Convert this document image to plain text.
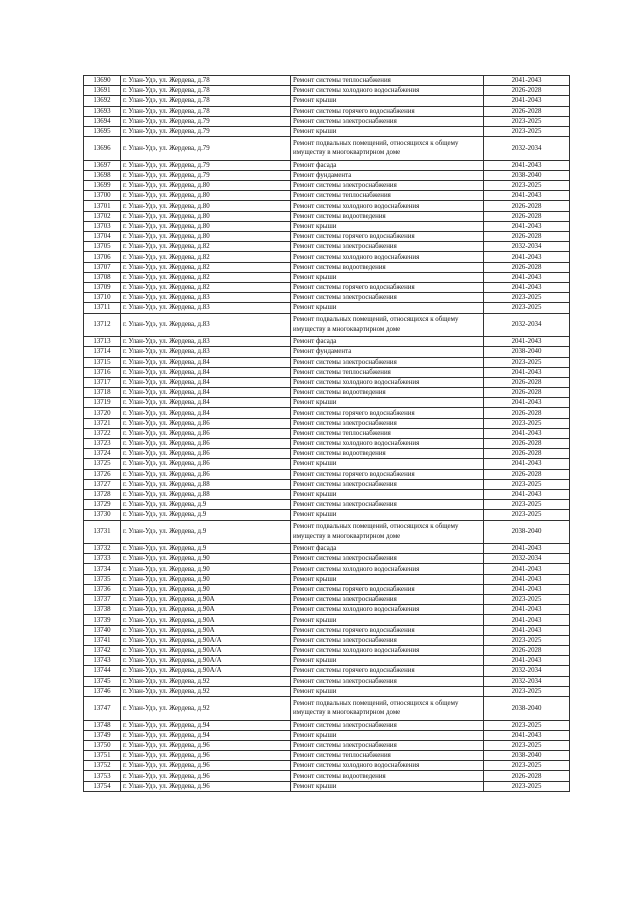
13690	г. Улан-Удэ, ул. Жердева, д.78	Ремонт системы теплоснабжения	2041-2043
13691	г. Улан-Удэ, ул. Жердева, д.78	Ремонт системы холодного водоснабжения	2026-2028
13692	г. Улан-Удэ, ул. Жердева, д.78	Ремонт крыши	2041-2043
13693	г. Улан-Удэ, ул. Жердева, д.78	Ремонт системы горячего водоснабжения	2026-2028
13694	г. Улан-Удэ, ул. Жердева, д.79	Ремонт системы электроснабжения	2023-2025
13695	г. Улан-Удэ, ул. Жердева, д.79	Ремонт крыши	2023-2025
13696	г. Улан-Удэ, ул. Жердева, д.79	Ремонт подвальных помещений, относящихся к общему имуществу в многоквартирном доме	2032-2034
13697	г. Улан-Удэ, ул. Жердева, д.79	Ремонт фасада	2041-2043
13698	г. Улан-Удэ, ул. Жердева, д.79	Ремонт фундамента	2038-2040
13699	г. Улан-Удэ, ул. Жердева, д.80	Ремонт системы электроснабжения	2023-2025
13700	г. Улан-Удэ, ул. Жердева, д.80	Ремонт системы теплоснабжения	2041-2043
13701	г. Улан-Удэ, ул. Жердева, д.80	Ремонт системы холодного водоснабжения	2026-2028
13702	г. Улан-Удэ, ул. Жердева, д.80	Ремонт системы водоотведения	2026-2028
13703	г. Улан-Удэ, ул. Жердева, д.80	Ремонт крыши	2041-2043
13704	г. Улан-Удэ, ул. Жердева, д.80	Ремонт системы горячего водоснабжения	2026-2028
13705	г. Улан-Удэ, ул. Жердева, д.82	Ремонт системы электроснабжения	2032-2034
13706	г. Улан-Удэ, ул. Жердева, д.82	Ремонт системы холодного водоснабжения	2041-2043
13707	г. Улан-Удэ, ул. Жердева, д.82	Ремонт системы водоотведения	2026-2028
13708	г. Улан-Удэ, ул. Жердева, д.82	Ремонт крыши	2041-2043
13709	г. Улан-Удэ, ул. Жердева, д.82	Ремонт системы горячего водоснабжения	2041-2043
13710	г. Улан-Удэ, ул. Жердева, д.83	Ремонт системы электроснабжения	2023-2025
13711	г. Улан-Удэ, ул. Жердева, д.83	Ремонт крыши	2023-2025
13712	г. Улан-Удэ, ул. Жердева, д.83	Ремонт подвальных помещений, относящихся к общему имуществу в многоквартирном доме	2032-2034
13713	г. Улан-Удэ, ул. Жердева, д.83	Ремонт фасада	2041-2043
13714	г. Улан-Удэ, ул. Жердева, д.83	Ремонт фундамента	2038-2040
13715	г. Улан-Удэ, ул. Жердева, д.84	Ремонт системы электроснабжения	2023-2025
13716	г. Улан-Удэ, ул. Жердева, д.84	Ремонт системы теплоснабжения	2041-2043
13717	г. Улан-Удэ, ул. Жердева, д.84	Ремонт системы холодного водоснабжения	2026-2028
13718	г. Улан-Удэ, ул. Жердева, д.84	Ремонт системы водоотведения	2026-2028
13719	г. Улан-Удэ, ул. Жердева, д.84	Ремонт крыши	2041-2043
13720	г. Улан-Удэ, ул. Жердева, д.84	Ремонт системы горячего водоснабжения	2026-2028
13721	г. Улан-Удэ, ул. Жердева, д.86	Ремонт системы электроснабжения	2023-2025
13722	г. Улан-Удэ, ул. Жердева, д.86	Ремонт системы теплоснабжения	2041-2043
13723	г. Улан-Удэ, ул. Жердева, д.86	Ремонт системы холодного водоснабжения	2026-2028
13724	г. Улан-Удэ, ул. Жердева, д.86	Ремонт системы водоотведения	2026-2028
13725	г. Улан-Удэ, ул. Жердева, д.86	Ремонт крыши	2041-2043
13726	г. Улан-Удэ, ул. Жердева, д.86	Ремонт системы горячего водоснабжения	2026-2028
13727	г. Улан-Удэ, ул. Жердева, д.88	Ремонт системы электроснабжения	2023-2025
13728	г. Улан-Удэ, ул. Жердева, д.88	Ремонт крыши	2041-2043
13729	г. Улан-Удэ, ул. Жердева, д.9	Ремонт системы электроснабжения	2023-2025
13730	г. Улан-Удэ, ул. Жердева, д.9	Ремонт крыши	2023-2025
13731	г. Улан-Удэ, ул. Жердева, д.9	Ремонт подвальных помещений, относящихся к общему имуществу в многоквартирном доме	2038-2040
13732	г. Улан-Удэ, ул. Жердева, д.9	Ремонт фасада	2041-2043
13733	г. Улан-Удэ, ул. Жердева, д.90	Ремонт системы электроснабжения	2032-2034
13734	г. Улан-Удэ, ул. Жердева, д.90	Ремонт системы холодного водоснабжения	2041-2043
13735	г. Улан-Удэ, ул. Жердева, д.90	Ремонт крыши	2041-2043
13736	г. Улан-Удэ, ул. Жердева, д.90	Ремонт системы горячего водоснабжения	2041-2043
13737	г. Улан-Удэ, ул. Жердева, д.90А	Ремонт системы электроснабжения	2023-2025
13738	г. Улан-Удэ, ул. Жердева, д.90А	Ремонт системы холодного водоснабжения	2041-2043
13739	г. Улан-Удэ, ул. Жердева, д.90А	Ремонт крыши	2041-2043
13740	г. Улан-Удэ, ул. Жердева, д.90А	Ремонт системы горячего водоснабжения	2041-2043
13741	г. Улан-Удэ, ул. Жердева, д.90А/А	Ремонт системы электроснабжения	2023-2025
13742	г. Улан-Удэ, ул. Жердева, д.90А/А	Ремонт системы холодного водоснабжения	2026-2028
13743	г. Улан-Удэ, ул. Жердева, д.90А/А	Ремонт крыши	2041-2043
13744	г. Улан-Удэ, ул. Жердева, д.90А/А	Ремонт системы горячего водоснабжения	2032-2034
13745	г. Улан-Удэ, ул. Жердева, д.92	Ремонт системы электроснабжения	2032-2034
13746	г. Улан-Удэ, ул. Жердева, д.92	Ремонт крыши	2023-2025
13747	г. Улан-Удэ, ул. Жердева, д.92	Ремонт подвальных помещений, относящихся к общему имуществу в многоквартирном доме	2038-2040
13748	г. Улан-Удэ, ул. Жердева, д.94	Ремонт системы электроснабжения	2023-2025
13749	г. Улан-Удэ, ул. Жердева, д.94	Ремонт крыши	2041-2043
13750	г. Улан-Удэ, ул. Жердева, д.96	Ремонт системы электроснабжения	2023-2025
13751	г. Улан-Удэ, ул. Жердева, д.96	Ремонт системы теплоснабжения	2038-2040
13752	г. Улан-Удэ, ул. Жердева, д.96	Ремонт системы холодного водоснабжения	2023-2025
13753	г. Улан-Удэ, ул. Жердева, д.96	Ремонт системы водоотведения	2026-2028
13754	г. Улан-Удэ, ул. Жердева, д.96	Ремонт крыши	2023-2025
